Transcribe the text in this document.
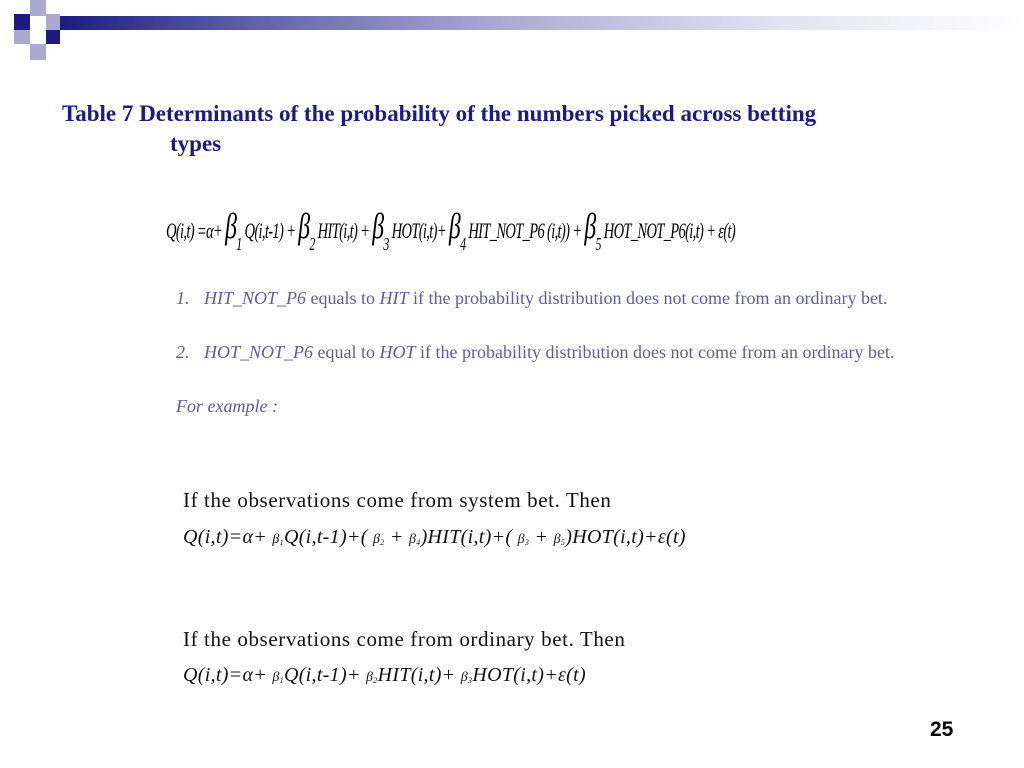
Table 7 Determinants of the probability of the numbers picked across betting
types
$Q(i,t) =\alpha+ \beta_1$ $Q(i,t-1) + \beta_2$ $HIT(i,t) + \beta_3$ $HOT(i,t)+ \beta_4$ HIT_NOT_P6 $(i,t)) + \beta_5$ HOT_NOT_P6(i,t) + ε(t)

1. HIT_NOT_P6 equals to HIT if the probability distribution does not come from an ordinary bet.

2. HOT_NOT_P6 equal to HOT if the probability distribution does not come from an ordinary bet.

For example :

If the observations come from system bet. Then

$Q(i,t)=\alpha+ \beta_1Q(i,t-1)+$( $\beta_2 + \beta_4)HIT(i,t)+$( $\beta_3 + \beta_5)HOT(i,t)+\varepsilon(t)$

If the observations come from ordinary bet. Then

$Q(i,t)=\alpha+ \beta_1Q(i,t-1)+ \beta_2HIT(i,t)+ \beta_3HOT(i,t)+\varepsilon(t)$

25
